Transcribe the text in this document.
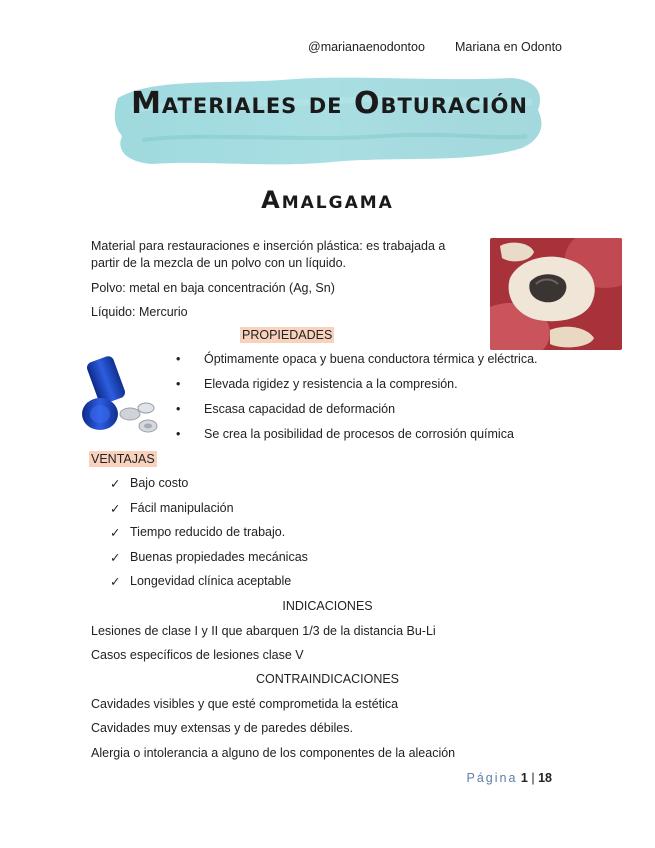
@marianaenodontoo Mariana en Odonto
Materiales de Obturación
Amalgama
Material para restauraciones e inserción plástica: es trabajada a
partir de la mezcla de un polvo con un líquido.
Polvo: metal en baja concentración (Ag, Sn)
Líquido: Mercurio
PROPIEDADES
• Óptimamente opaca y buena conductora térmica y eléctrica.
• Elevada rigidez y resistencia a la compresión.
• Escasa capacidad de deformación
• Se crea la posibilidad de procesos de corrosión química
VENTAJAS
✓ Bajo costo
✓ Fácil manipulación
✓ Tiempo reducido de trabajo.
✓ Buenas propiedades mecánicas
✓ Longevidad clínica aceptable
INDICACIONES
Lesiones de clase I y II que abarquen 1/3 de la distancia Bu-Li
Casos específicos de lesiones clase V
CONTRAINDICACIONES
Cavidades visibles y que esté comprometida la estética
Cavidades muy extensas y de paredes débiles.
Alergia o intolerancia a alguno de los componentes de la aleación
Página 1 | 18
